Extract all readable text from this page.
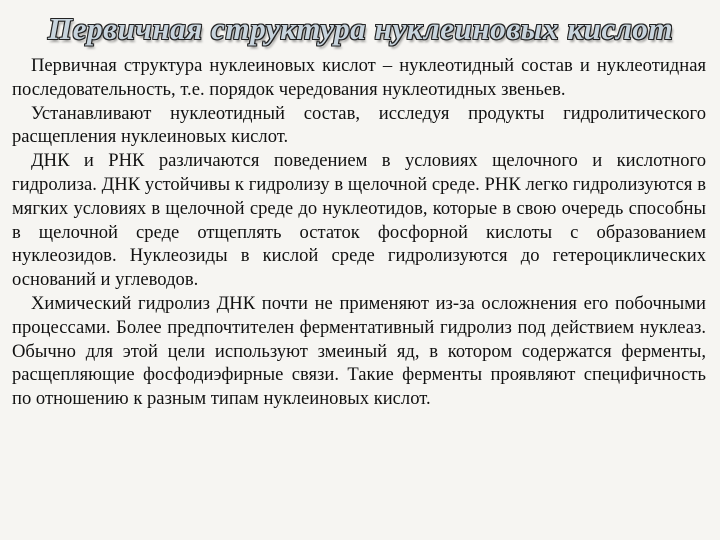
Первичная структура нуклеиновых кислот

Первичная структура нуклеиновых кислот – нуклеотидный состав и нуклеотидная последовательность, т.е. порядок чередования нуклеотидных звеньев.

Устанавливают нуклеотидный состав, исследуя продукты гидролитического расщепления нуклеиновых кислот.

ДНК и РНК различаются поведением в условиях щелочного и кислотного гидролиза. ДНК устойчивы к гидролизу в щелочной среде. РНК легко гидролизуются в мягких условиях в щелочной среде до нуклеотидов, которые в свою очередь способны в щелочной среде отщеплять остаток фосфорной кислоты с образованием нуклеозидов. Нуклеозиды в кислой среде гидролизуются до гетероциклических оснований и углеводов.

Химический гидролиз ДНК почти не применяют из-за осложнения его побочными процессами. Более предпочтителен ферментативный гидролиз под действием нуклеаз. Обычно для этой цели используют змеиный яд, в котором содержатся ферменты, расщепляющие фосфодиэфирные связи. Такие ферменты проявляют специфичность по отношению к разным типам нуклеиновых кислот.
